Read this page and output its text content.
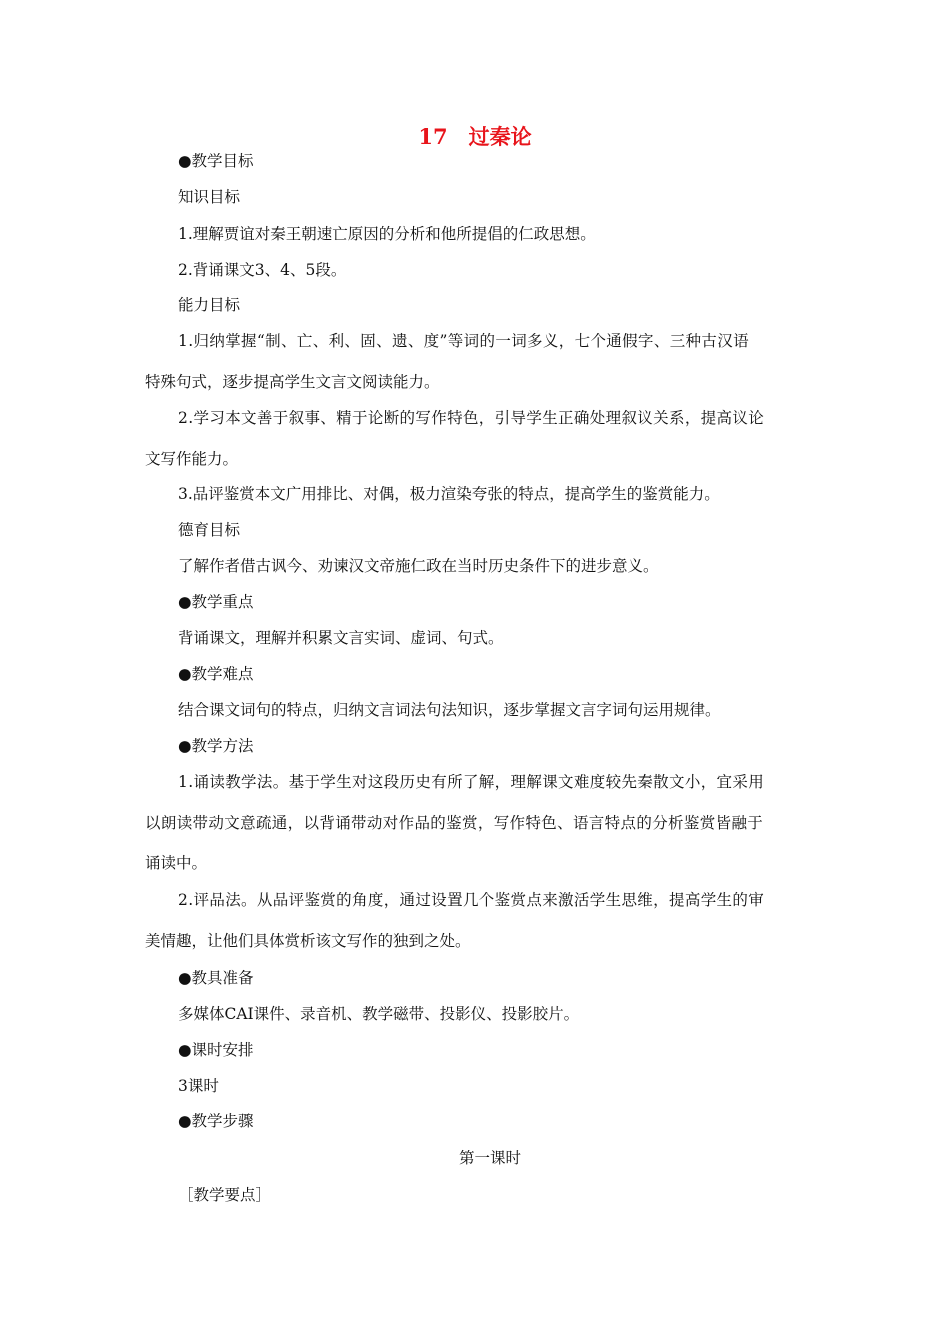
17　过秦论
●教学目标
知识目标
1.理解贾谊对秦王朝速亡原因的分析和他所提倡的仁政思想。
2.背诵课文3、4、5段。
能力目标
1.归纳掌握“制、亡、利、固、遗、度”等词的一词多义，七个通假字、三种古汉语
特殊句式，逐步提高学生文言文阅读能力。
2.学习本文善于叙事、精于论断的写作特色，引导学生正确处理叙议关系，提高议论
文写作能力。
3.品评鉴赏本文广用排比、对偶，极力渲染夸张的特点，提高学生的鉴赏能力。
德育目标
了解作者借古讽今、劝谏汉文帝施仁政在当时历史条件下的进步意义。
●教学重点
背诵课文，理解并积累文言实词、虚词、句式。
●教学难点
结合课文词句的特点，归纳文言词法句法知识，逐步掌握文言字词句运用规律。
●教学方法
1.诵读教学法。基于学生对这段历史有所了解，理解课文难度较先秦散文小，宜采用
以朗读带动文意疏通，以背诵带动对作品的鉴赏，写作特色、语言特点的分析鉴赏皆融于
诵读中。
2.评品法。从品评鉴赏的角度，通过设置几个鉴赏点来激活学生思维，提高学生的审
美情趣，让他们具体赏析该文写作的独到之处。
●教具准备
多媒体CAI课件、录音机、教学磁带、投影仪、投影胶片。
●课时安排
3课时
●教学步骤
第一课时
［教学要点］
